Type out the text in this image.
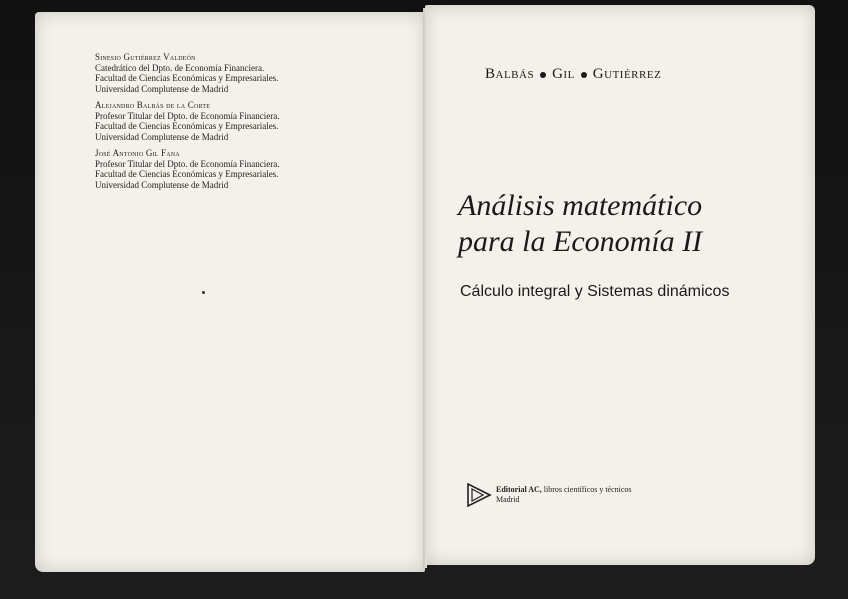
Sinesio Gutiérrez Valdeón
Catedrático del Dpto. de Economía Financiera.
Facultad de Ciencias Económicas y Empresariales.
Universidad Complutense de Madrid
Alejandro Balbás de la Corte
Profesor Titular del Dpto. de Economía Financiera.
Facultad de Ciencias Económicas y Empresariales.
Universidad Complutense de Madrid
José Antonio Gil Fana
Profesor Titular del Dpto. de Economía Financiera.
Facultad de Ciencias Económicas y Empresariales.
Universidad Complutense de Madrid
Balbás Gil Gutiérrez
Análisis matemático
para la Economía II
Cálculo integral y Sistemas dinámicos
Editorial AC, libros científicos y técnicos
Madrid
